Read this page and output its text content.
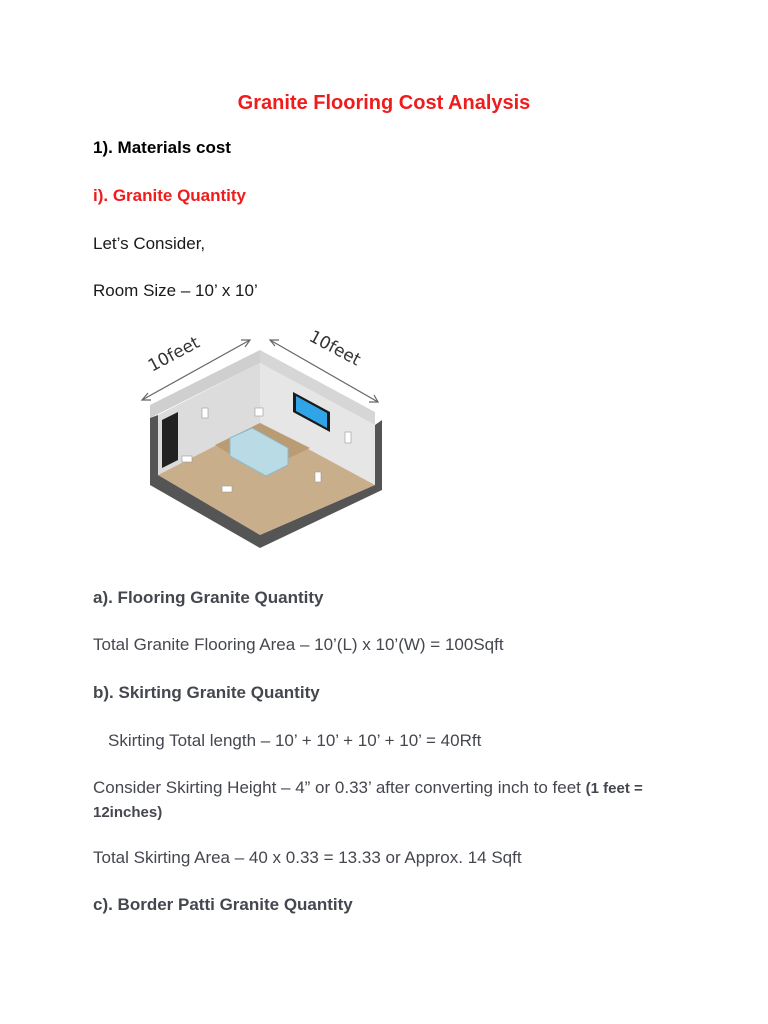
Granite Flooring Cost Analysis
1). Materials cost
i). Granite Quantity
Let’s Consider,
Room Size – 10’ x 10’
10feet	10feet
a). Flooring Granite Quantity
Total Granite Flooring Area – 10’(L) x 10’(W) = 100Sqft
b). Skirting Granite Quantity
Skirting Total length – 10’ + 10’ + 10’ + 10’ = 40Rft
Consider Skirting Height – 4” or 0.33’ after converting inch to feet (1 feet = 12inches)
Total Skirting Area – 40 x 0.33 = 13.33 or Approx. 14 Sqft
c). Border Patti Granite Quantity
